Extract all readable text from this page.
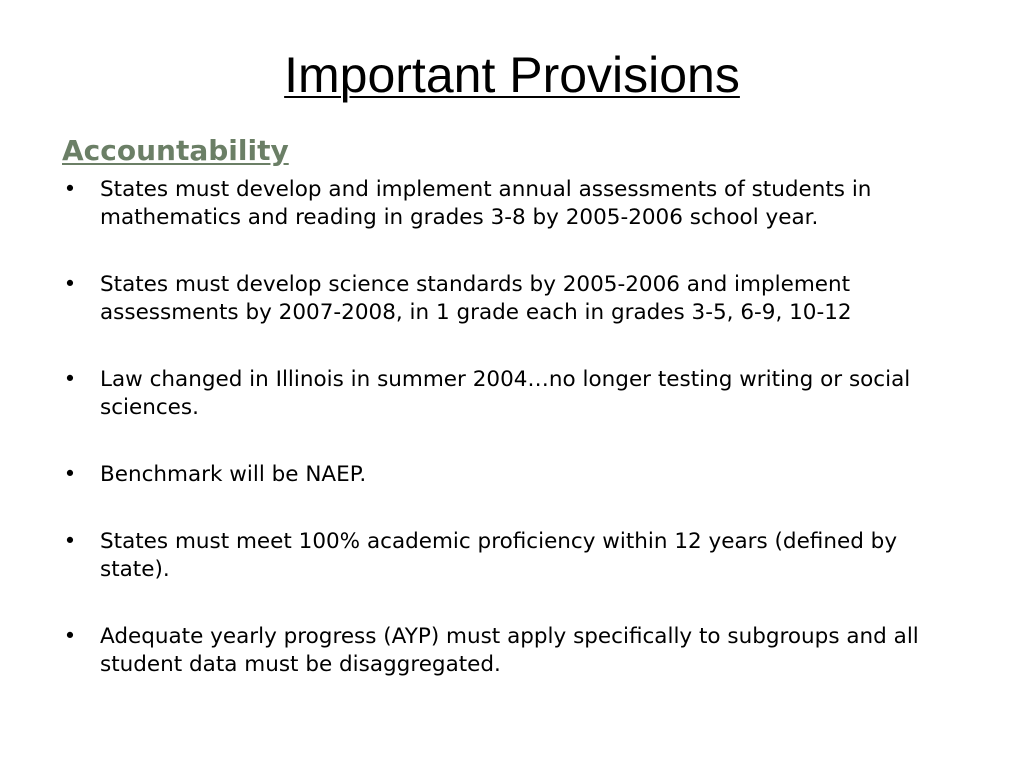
Important Provisions
Accountability
• States must develop and implement annual assessments of students in mathematics and reading in grades 3-8 by 2005-2006 school year.
• States must develop science standards by 2005-2006 and implement assessments by 2007-2008, in 1 grade each in grades 3-5, 6-9, 10-12
• Law changed in Illinois in summer 2004…no longer testing writing or social sciences.
• Benchmark will be NAEP.
• States must meet 100% academic proficiency within 12 years (defined by state).
• Adequate yearly progress (AYP) must apply specifically to subgroups and all student data must be disaggregated.
